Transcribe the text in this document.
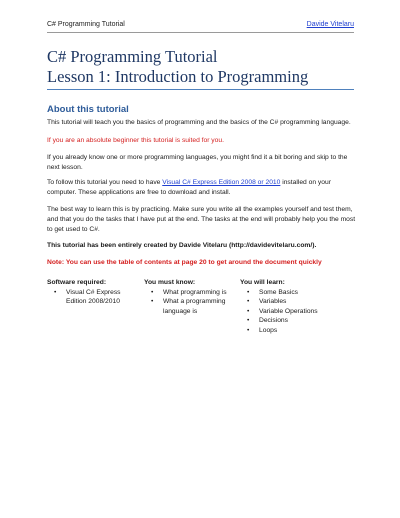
C# Programming Tutorial	Davide Vitelaru
C# Programming Tutorial
Lesson 1: Introduction to Programming
About this tutorial
This tutorial will teach you the basics of programming and the basics of the C# programming language.
If you are an absolute beginner this tutorial is suited for you.
If you already know one or more programming languages, you might find it a bit boring and skip to the next lesson.
To follow this tutorial you need to have Visual C# Express Edition 2008 or 2010 installed on your computer. These applications are free to download and install.
The best way to learn this is by practicing. Make sure you write all the examples yourself and test them, and that you do the tasks that I have put at the end. The tasks at the end will probably help you the most to get used to C#.
This tutorial has been entirely created by Davide Vitelaru (http://davidevitelaru.com/).
Note: You can use the table of contents at page 20 to get around the document quickly
Software required:
• Visual C# Express Edition 2008/2010
You must know:
• What programming is
• What a programming language is
You will learn:
• Some Basics
• Variables
• Variable Operations
• Decisions
• Loops
